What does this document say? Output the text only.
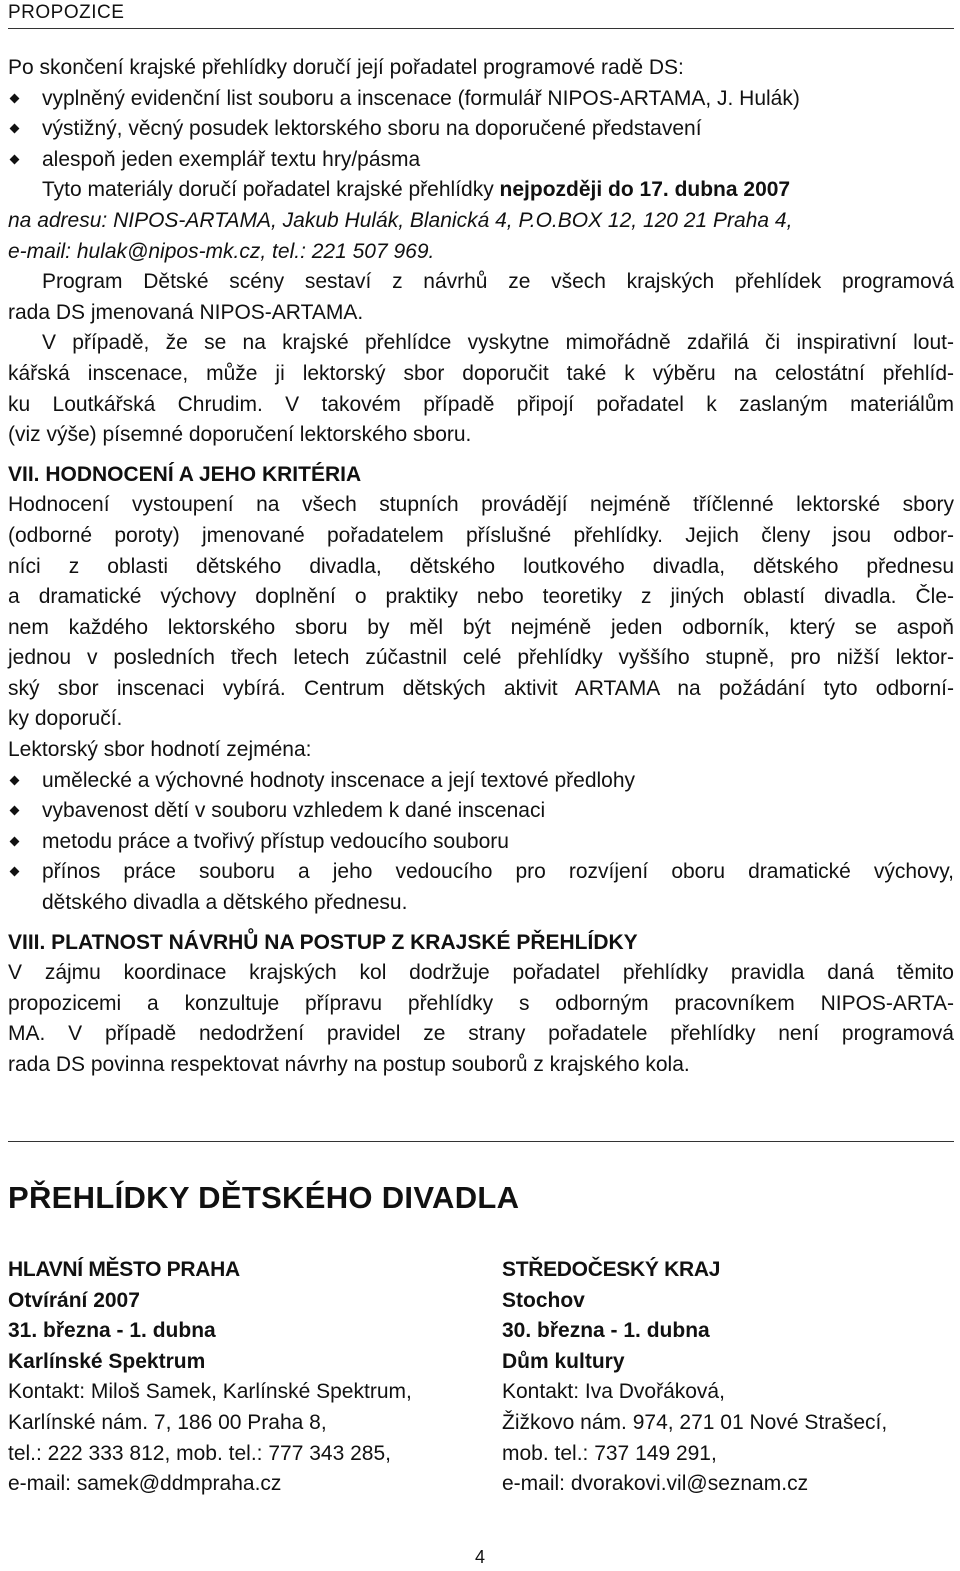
PROPOZICE
Po skončení krajské přehlídky doručí její pořadatel programové radě DS:
vyplněný evidenční list souboru a inscenace (formulář NIPOS-ARTAMA, J. Hulák)
výstižný, věcný posudek lektorského sboru na doporučené představení
alespoň jeden exemplář textu hry/pásma
Tyto materiály doručí pořadatel krajské přehlídky nejpozději do 17. dubna 2007
na adresu: NIPOS-ARTAMA, Jakub Hulák, Blanická 4, P.O.BOX 12, 120 21 Praha 4,
e-mail: hulak@nipos-mk.cz, tel.: 221 507 969.
Program Dětské scény sestaví z návrhů ze všech krajských přehlídek programová
rada DS jmenovaná NIPOS-ARTAMA.
V případě, že se na krajské přehlídce vyskytne mimořádně zdařilá či inspirativní lout-
kářská inscenace, může ji lektorský sbor doporučit také k výběru na celostátní přehlíd-
ku Loutkářská Chrudim. V takovém případě připojí pořadatel k zaslaným materiálům
(viz výše) písemné doporučení lektorského sboru.
VII. HODNOCENÍ A JEHO KRITÉRIA
Hodnocení vystoupení na všech stupních provádějí nejméně tříčlenné lektorské sbory
(odborné poroty) jmenované pořadatelem příslušné přehlídky. Jejich členy jsou odbor-
níci z oblasti dětského divadla, dětského loutkového divadla, dětského přednesu
a dramatické výchovy doplnění o praktiky nebo teoretiky z jiných oblastí divadla. Čle-
nem každého lektorského sboru by měl být nejméně jeden odborník, který se aspoň
jednou v posledních třech letech zúčastnil celé přehlídky vyššího stupně, pro nižší lektor-
ský sbor inscenaci vybírá. Centrum dětských aktivit ARTAMA na požádání tyto odborní-
ky doporučí.
Lektorský sbor hodnotí zejména:
umělecké a výchovné hodnoty inscenace a její textové předlohy
vybavenost dětí v souboru vzhledem k dané inscenaci
metodu práce a tvořivý přístup vedoucího souboru
přínos práce souboru a jeho vedoucího pro rozvíjení oboru dramatické výchovy,
dětského divadla a dětského přednesu.
VIII. PLATNOST NÁVRHŮ NA POSTUP Z KRAJSKÉ PŘEHLÍDKY
V zájmu koordinace krajských kol dodržuje pořadatel přehlídky pravidla daná těmito
propozicemi a konzultuje přípravu přehlídky s odborným pracovníkem NIPOS-ARTA-
MA. V případě nedodržení pravidel ze strany pořadatele přehlídky není programová
rada DS povinna respektovat návrhy na postup souborů z krajského kola.
PŘEHLÍDKY DĚTSKÉHO DIVADLA
HLAVNÍ MĚSTO PRAHA
Otvírání 2007
31. března - 1. dubna
Karlínské Spektrum
Kontakt: Miloš Samek, Karlínské Spektrum,
Karlínské nám. 7, 186 00 Praha 8,
tel.: 222 333 812, mob. tel.: 777 343 285,
e-mail: samek@ddmpraha.cz
STŘEDOČESKÝ KRAJ
Stochov
30. března - 1. dubna
Dům kultury
Kontakt: Iva Dvořáková,
Žižkovo nám. 974, 271 01 Nové Strašecí,
mob. tel.: 737 149 291,
e-mail: dvorakovi.vil@seznam.cz
4
